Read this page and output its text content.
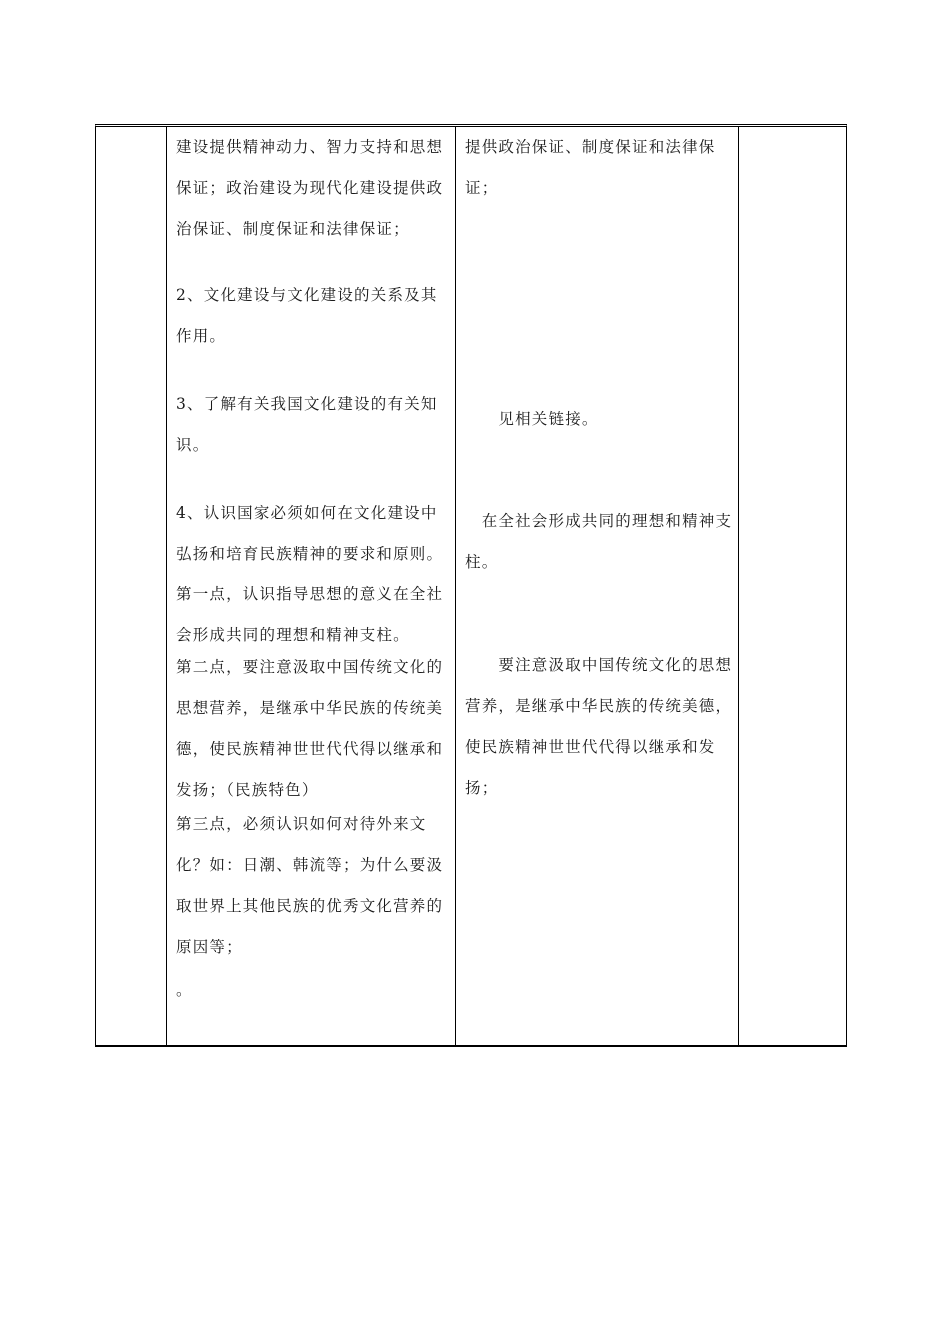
建设提供精神动力、智力支持和思想保证；政治建设为现代化建设提供政治保证、制度保证和法律保证；

2、文化建设与文化建设的关系及其作用。

3、了解有关我国文化建设的有关知识。

4、认识国家必须如何在文化建设中弘扬和培育民族精神的要求和原则。

第一点，认识指导思想的意义在全社会形成共同的理想和精神支柱。

第二点，要注意汲取中国传统文化的思想营养，是继承中华民族的传统美德，使民族精神世世代代得以继承和发扬；（民族特色）

第三点，必须认识如何对待外来文化？如：日潮、韩流等；为什么要汲取世界上其他民族的优秀文化营养的原因等；

。

提供政治保证、制度保证和法律保证；

　　见相关链接。

　在全社会形成共同的理想和精神支柱。

　　要注意汲取中国传统文化的思想营养，是继承中华民族的传统美德，使民族精神世世代代得以继承和发扬；
